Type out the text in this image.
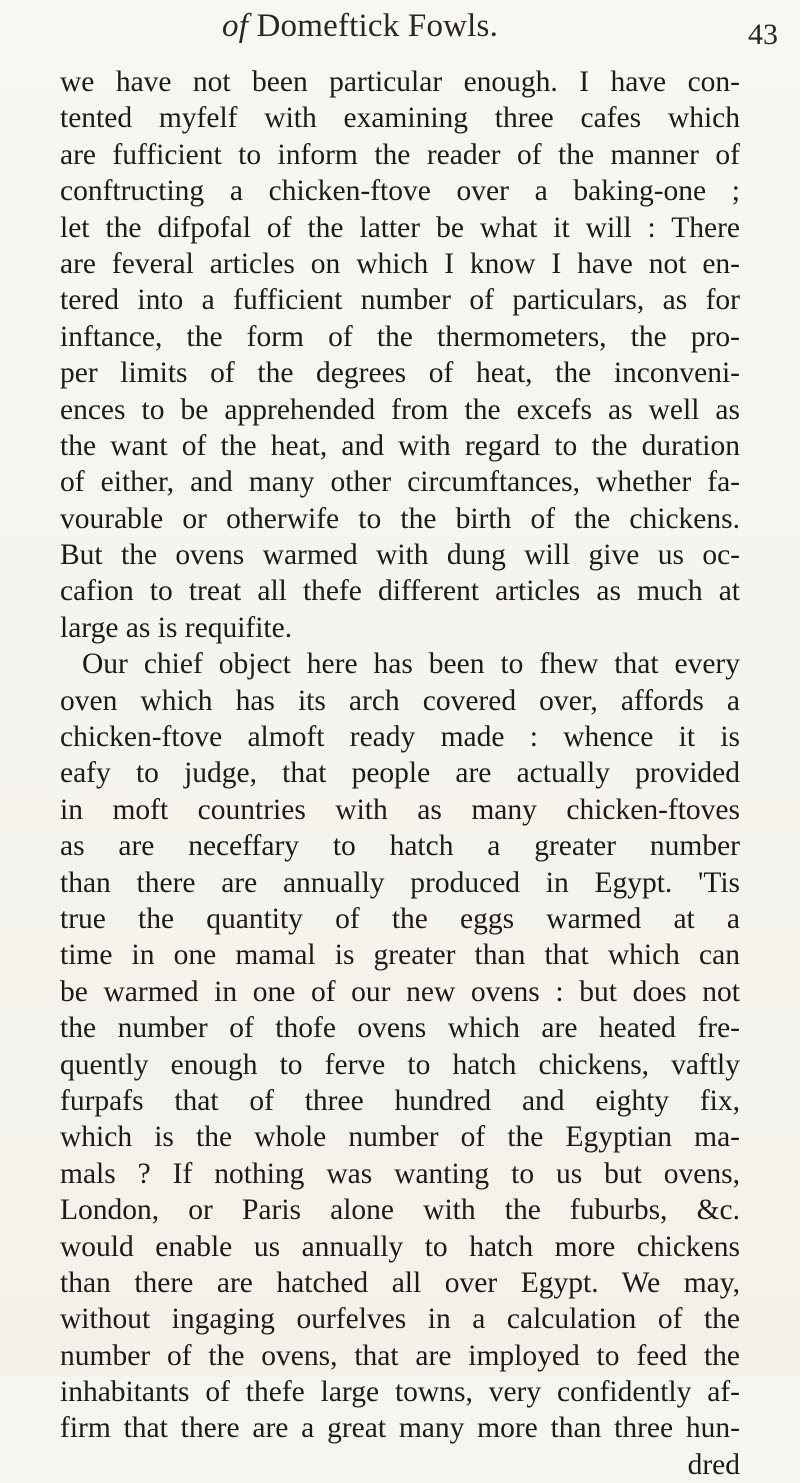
of Domeftick Fowls.	43
we have not been particular enough. I have con-
tented myfelf with examining three cafes which
are fufficient to inform the reader of the manner of
conftructing a chicken-ftove over a baking-one ;
let the difpofal of the latter be what it will : There
are feveral articles on which I know I have not en-
tered into a fufficient number of particulars, as for
inftance, the form of the thermometers, the pro-
per limits of the degrees of heat, the inconveni-
ences to be apprehended from the excefs as well as
the want of the heat, and with regard to the duration
of either, and many other circumftances, whether fa-
vourable or otherwife to the birth of the chickens.
But the ovens warmed with dung will give us oc-
cafion to treat all thefe different articles as much at
large as is requifite.
Our chief object here has been to fhew that every
oven which has its arch covered over, affords a
chicken-ftove almoft ready made : whence it is
eafy to judge, that people are actually provided
in moft countries with as many chicken-ftoves
as are neceffary to hatch a greater number
than there are annually produced in Egypt. 'Tis
true the quantity of the eggs warmed at a
time in one mamal is greater than that which can
be warmed in one of our new ovens : but does not
the number of thofe ovens which are heated fre-
quently enough to ferve to hatch chickens, vaftly
furpafs that of three hundred and eighty fix,
which is the whole number of the Egyptian ma-
mals ? If nothing was wanting to us but ovens,
London, or Paris alone with the fuburbs, &c.
would enable us annually to hatch more chickens
than there are hatched all over Egypt. We may,
without ingaging ourfelves in a calculation of the
number of the ovens, that are imployed to feed the
inhabitants of thefe large towns, very confidently af-
firm that there are a great many more than three hun-
dred
